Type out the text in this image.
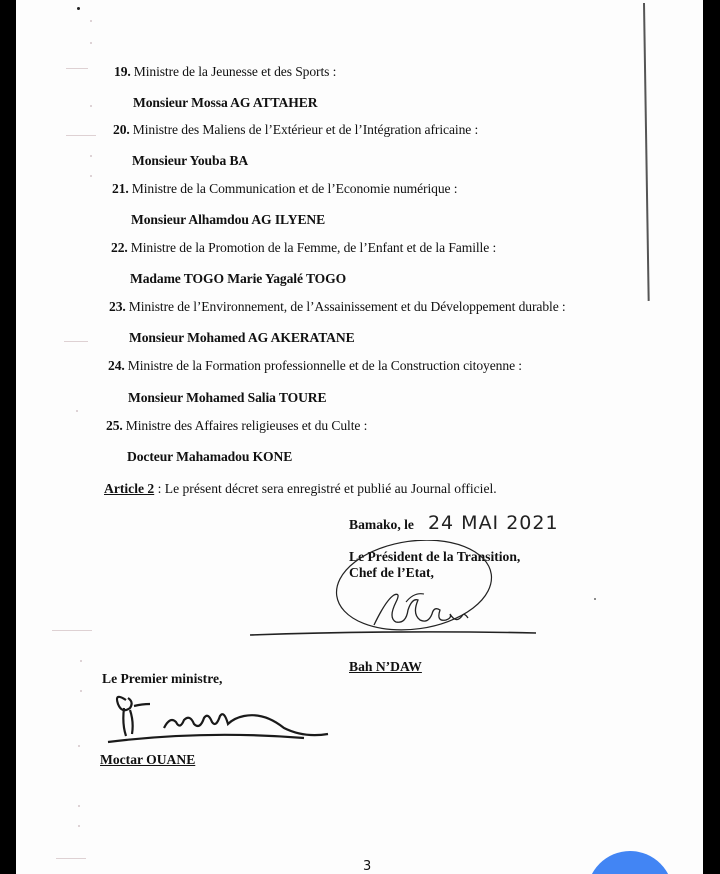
19. Ministre de la Jeunesse et des Sports :
Monsieur Mossa AG ATTAHER
20. Ministre des Maliens de l’Extérieur et de l’Intégration africaine :
Monsieur Youba BA
21. Ministre de la Communication et de l’Economie numérique :
Monsieur Alhamdou AG ILYENE
22. Ministre de la Promotion de la Femme, de l’Enfant et de la Famille :
Madame TOGO Marie Yagalé TOGO
23. Ministre de l’Environnement, de l’Assainissement et du Développement durable :
Monsieur Mohamed AG AKERATANE
24. Ministre de la Formation professionnelle et de la Construction citoyenne :
Monsieur Mohamed Salia TOURE
25. Ministre des Affaires religieuses et du Culte :
Docteur Mahamadou KONE
Article 2 : Le présent décret sera enregistré et publié au Journal officiel.
Bamako, le 24 MAI 2021
Le Président de la Transition,
Chef de l’Etat,
Bah N’DAW
Le Premier ministre,
Moctar OUANE
3
